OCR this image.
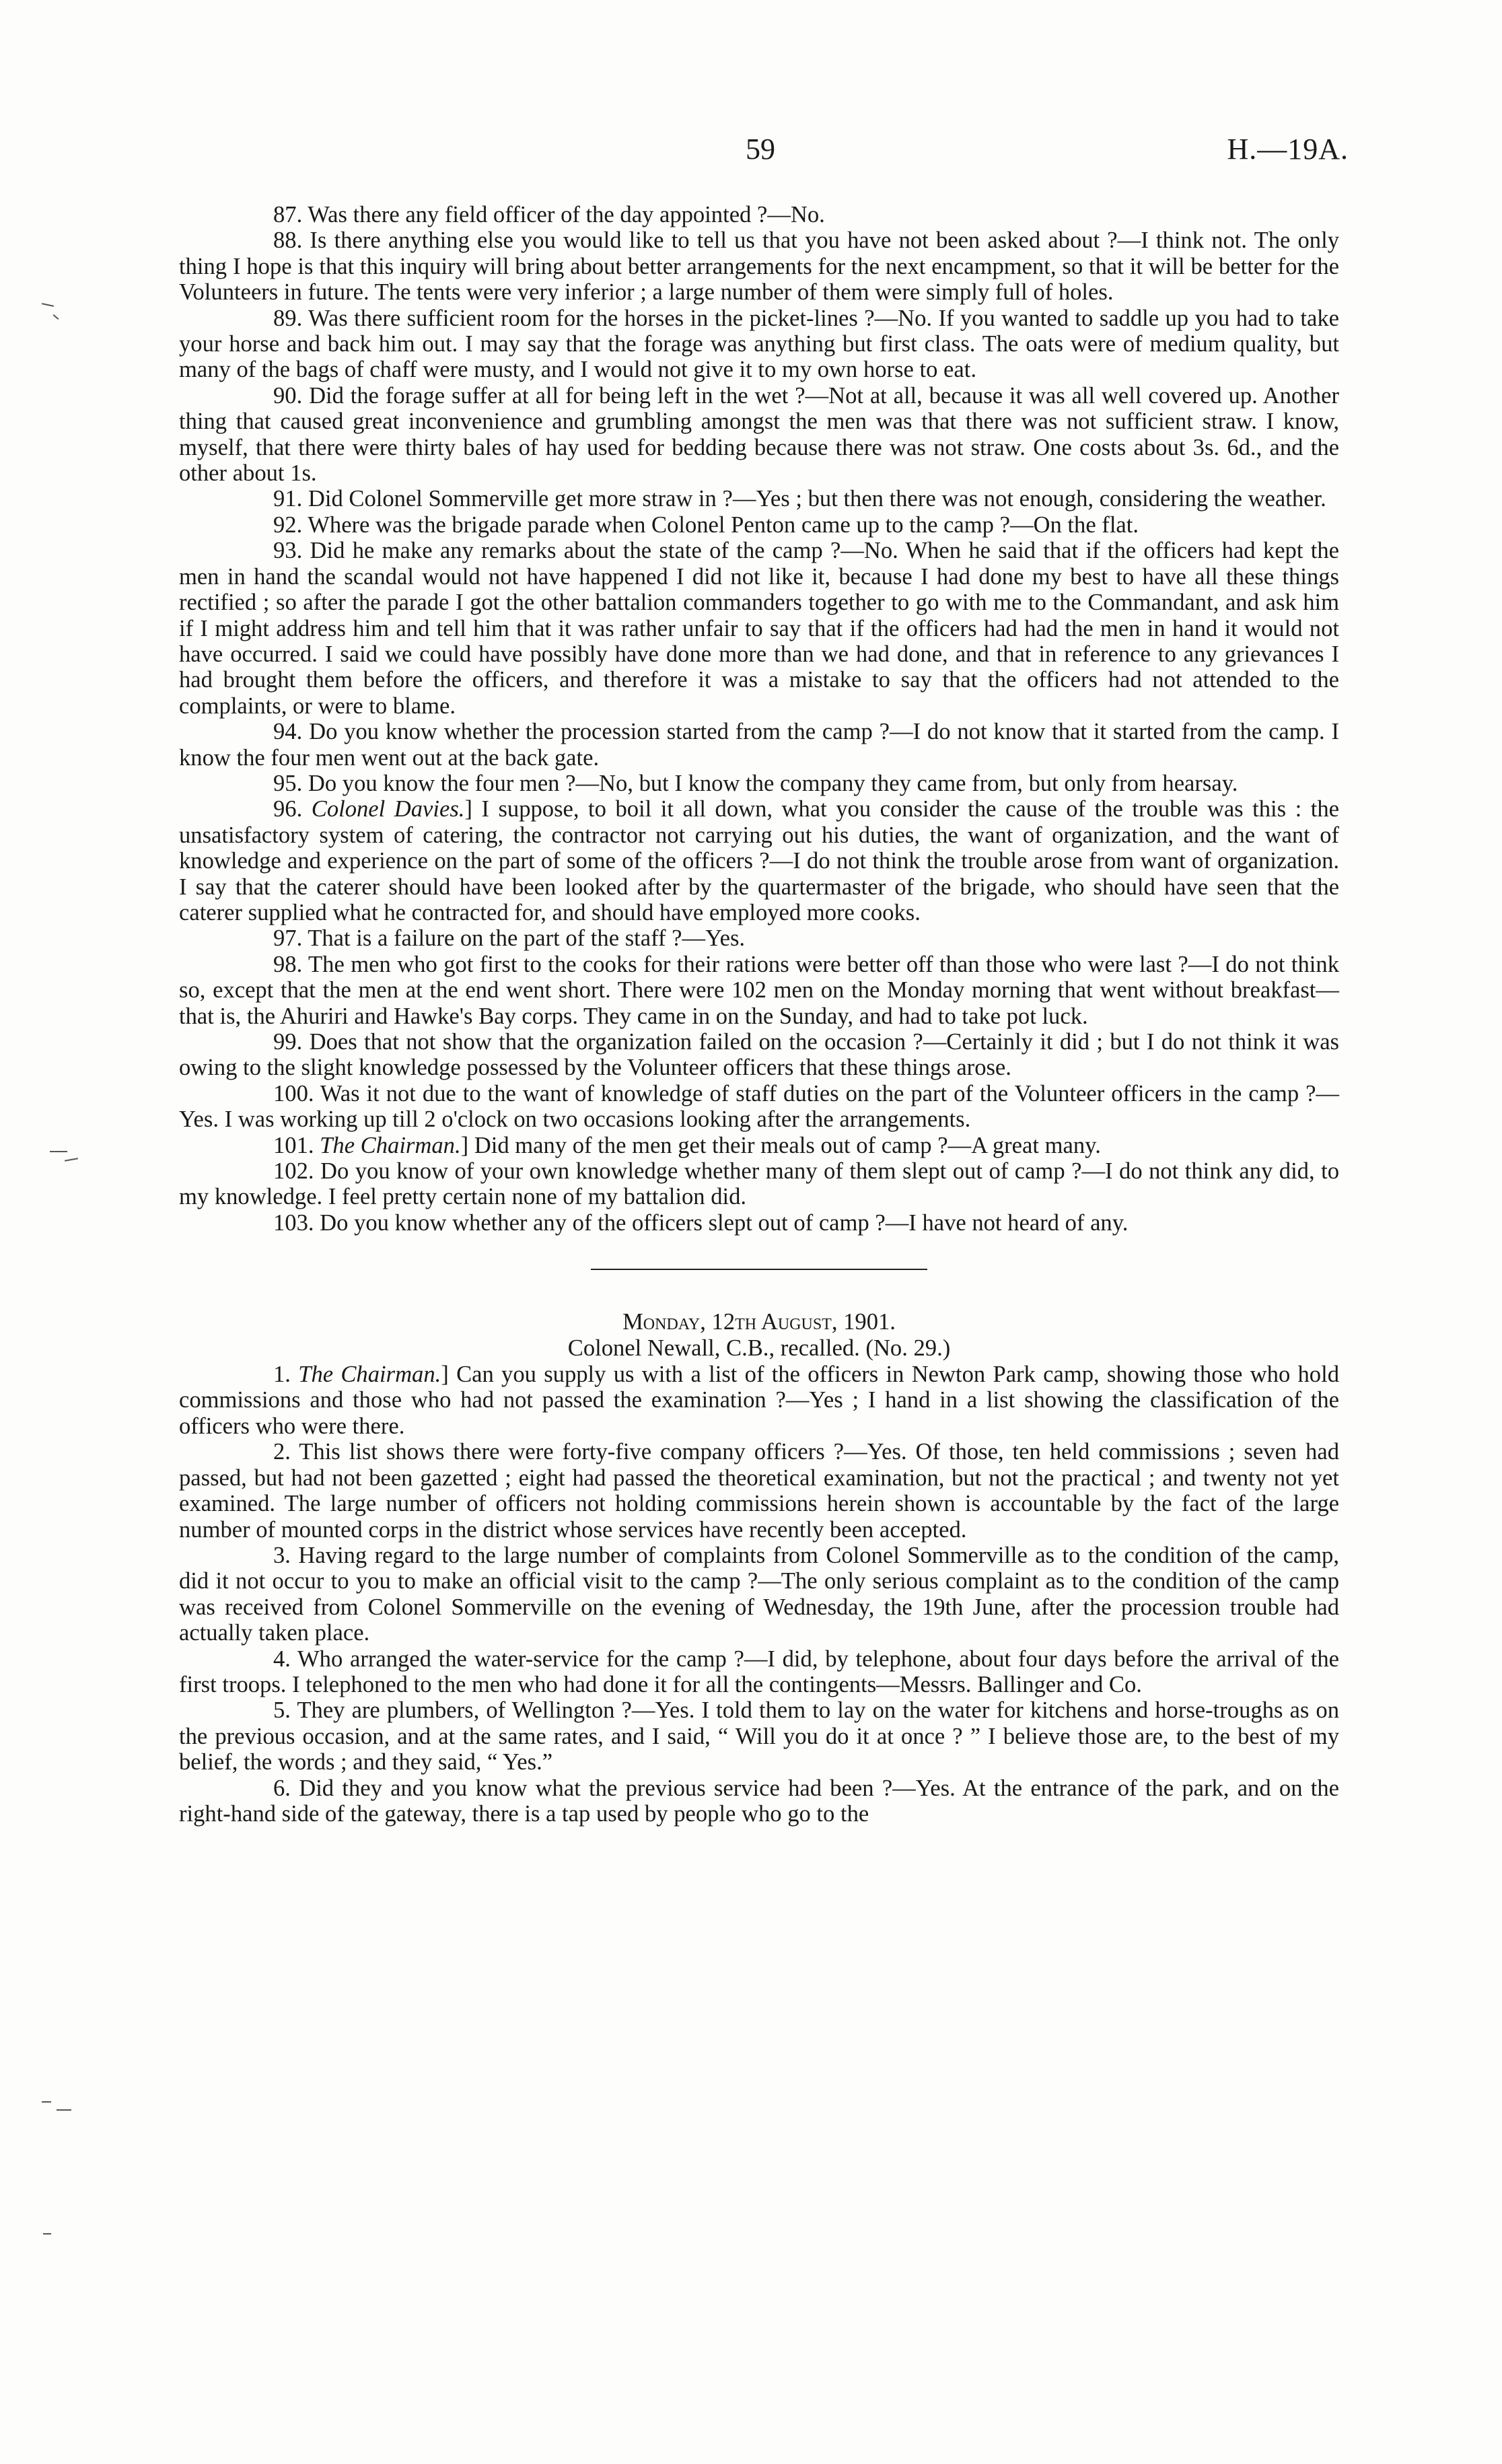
59	H.—19A.

87. Was there any field officer of the day appointed ?—No.

88. Is there anything else you would like to tell us that you have not been asked about ?—I think not. The only thing I hope is that this inquiry will bring about better arrangements for the next encampment, so that it will be better for the Volunteers in future. The tents were very inferior ; a large number of them were simply full of holes.

89. Was there sufficient room for the horses in the picket-lines ?—No. If you wanted to saddle up you had to take your horse and back him out. I may say that the forage was anything but first class. The oats were of medium quality, but many of the bags of chaff were musty, and I would not give it to my own horse to eat.

90. Did the forage suffer at all for being left in the wet ?—Not at all, because it was all well covered up. Another thing that caused great inconvenience and grumbling amongst the men was that there was not sufficient straw. I know, myself, that there were thirty bales of hay used for bedding because there was not straw. One costs about 3s. 6d., and the other about 1s.

91. Did Colonel Sommerville get more straw in ?—Yes ; but then there was not enough, considering the weather.

92. Where was the brigade parade when Colonel Penton came up to the camp ?—On the flat.

93. Did he make any remarks about the state of the camp ?—No. When he said that if the officers had kept the men in hand the scandal would not have happened I did not like it, because I had done my best to have all these things rectified ; so after the parade I got the other battalion commanders together to go with me to the Commandant, and ask him if I might address him and tell him that it was rather unfair to say that if the officers had had the men in hand it would not have occurred. I said we could have possibly have done more than we had done, and that in reference to any grievances I had brought them before the officers, and therefore it was a mistake to say that the officers had not attended to the complaints, or were to blame.

94. Do you know whether the procession started from the camp ?—I do not know that it started from the camp. I know the four men went out at the back gate.

95. Do you know the four men ?—No, but I know the company they came from, but only from hearsay.

96. Colonel Davies.] I suppose, to boil it all down, what you consider the cause of the trouble was this : the unsatisfactory system of catering, the contractor not carrying out his duties, the want of organization, and the want of knowledge and experience on the part of some of the officers ?—I do not think the trouble arose from want of organization. I say that the caterer should have been looked after by the quartermaster of the brigade, who should have seen that the caterer supplied what he contracted for, and should have employed more cooks.

97. That is a failure on the part of the staff ?—Yes.

98. The men who got first to the cooks for their rations were better off than those who were last ?—I do not think so, except that the men at the end went short. There were 102 men on the Monday morning that went without breakfast—that is, the Ahuriri and Hawke's Bay corps. They came in on the Sunday, and had to take pot luck.

99. Does that not show that the organization failed on the occasion ?—Certainly it did ; but I do not think it was owing to the slight knowledge possessed by the Volunteer officers that these things arose.

100. Was it not due to the want of knowledge of staff duties on the part of the Volunteer officers in the camp ?—Yes. I was working up till 2 o'clock on two occasions looking after the arrangements.

101. The Chairman.] Did many of the men get their meals out of camp ?—A great many.

102. Do you know of your own knowledge whether many of them slept out of camp ?—I do not think any did, to my knowledge. I feel pretty certain none of my battalion did.

103. Do you know whether any of the officers slept out of camp ?—I have not heard of any.

Monday, 12th August, 1901.

Colonel Newall, C.B., recalled. (No. 29.)

1. The Chairman.] Can you supply us with a list of the officers in Newton Park camp, showing those who hold commissions and those who had not passed the examination ?—Yes ; I hand in a list showing the classification of the officers who were there.

2. This list shows there were forty-five company officers ?—Yes. Of those, ten held commissions ; seven had passed, but had not been gazetted ; eight had passed the theoretical examination, but not the practical ; and twenty not yet examined. The large number of officers not holding commissions herein shown is accountable by the fact of the large number of mounted corps in the district whose services have recently been accepted.

3. Having regard to the large number of complaints from Colonel Sommerville as to the condition of the camp, did it not occur to you to make an official visit to the camp ?—The only serious complaint as to the condition of the camp was received from Colonel Sommerville on the evening of Wednesday, the 19th June, after the procession trouble had actually taken place.

4. Who arranged the water-service for the camp ?—I did, by telephone, about four days before the arrival of the first troops. I telephoned to the men who had done it for all the contingents—Messrs. Ballinger and Co.

5. They are plumbers, of Wellington ?—Yes. I told them to lay on the water for kitchens and horse-troughs as on the previous occasion, and at the same rates, and I said, “ Will you do it at once ? ” I believe those are, to the best of my belief, the words ; and they said, “ Yes.”

6. Did they and you know what the previous service had been ?—Yes. At the entrance of the park, and on the right-hand side of the gateway, there is a tap used by people who go to the
